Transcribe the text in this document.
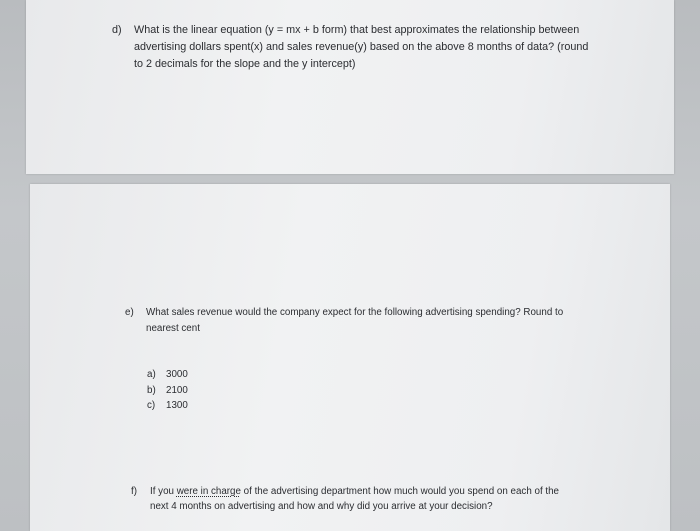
d) What is the linear equation (y = mx + b form) that best approximates the relationship between
advertising dollars spent(x) and sales revenue(y) based on the above 8 months of data? (round
to 2 decimals for the slope and the y intercept)
e) What sales revenue would the company expect for the following advertising spending? Round to
nearest cent
a) 3000
b) 2100
c) 1300
f) If you were in charge of the advertising department how much would you spend on each of the
next 4 months on advertising and how and why did you arrive at your decision?
